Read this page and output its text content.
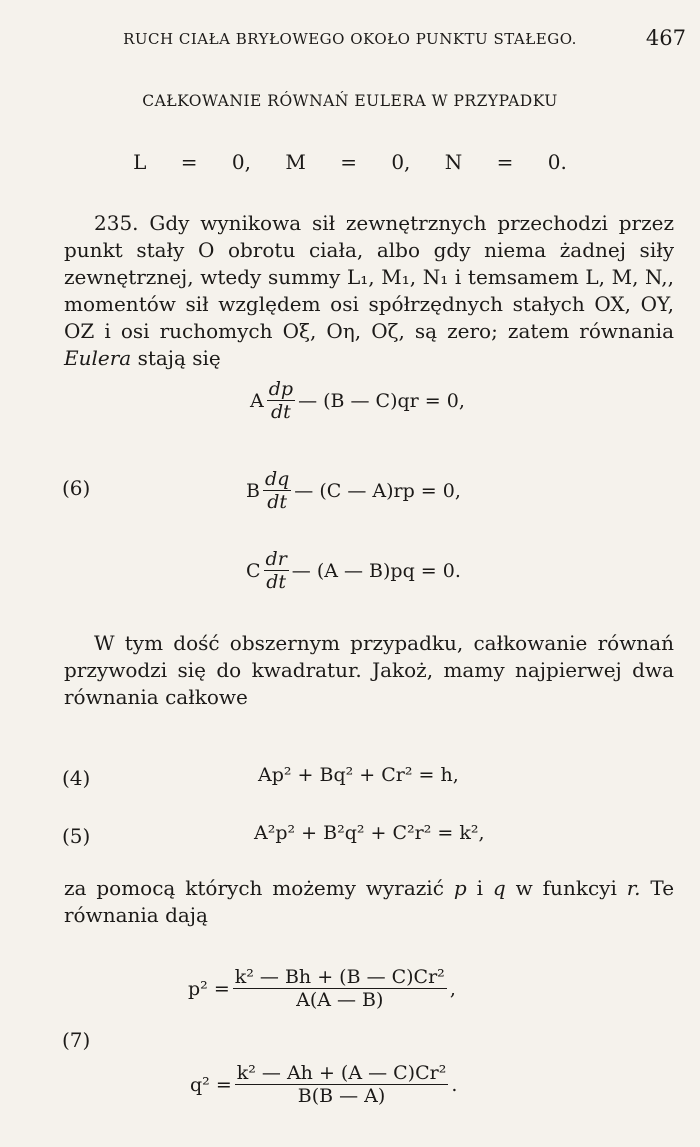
RUCH CIAŁA BRYŁOWEGO OKOŁO PUNKTU STAŁEGO.	467
CAŁKOWANIE RÓWNAŃ EULERA W PRZYPADKU
L = 0, M = 0, N = 0.
235. Gdy wynikowa sił zewnętrznych przechodzi przez punkt stały O obrotu ciała, albo gdy niema żadnej siły zewnętrznej, wtedy summy L₁, M₁, N₁ i temsamem L, M, N,, momentów sił względem osi spółrzędnych stałych OX, OY, OZ i osi ruchomych Oξ, Oη, Oζ, są zero; zatem równania Eulera stają się
(6)
A $\frac{dp}{dt}$ — (B — C)qr = 0,
B $\frac{dq}{dt}$ — (C — A)rp = 0,
C $\frac{dr}{dt}$ — (A — B)pq = 0.
W tym dość obszernym przypadku, całkowanie równań przywodzi się do kwadratur. Jakoż, mamy najpierwej dwa równania całkowe
(4)	Ap² + Bq² + Cr² = h,
(5)	A²p² + B²q² + C²r² = k²,
za pomocą których możemy wyrazić p i q w funkcyi r. Te równania dają
(7)
$p^2 = \frac{\text{k² — Bh + (B — C)Cr²}}{A(A — B)}$ ,
$q^2 = \frac{\text{k² — Ah + (A — C)Cr²}}{B(B — A)}$ .
